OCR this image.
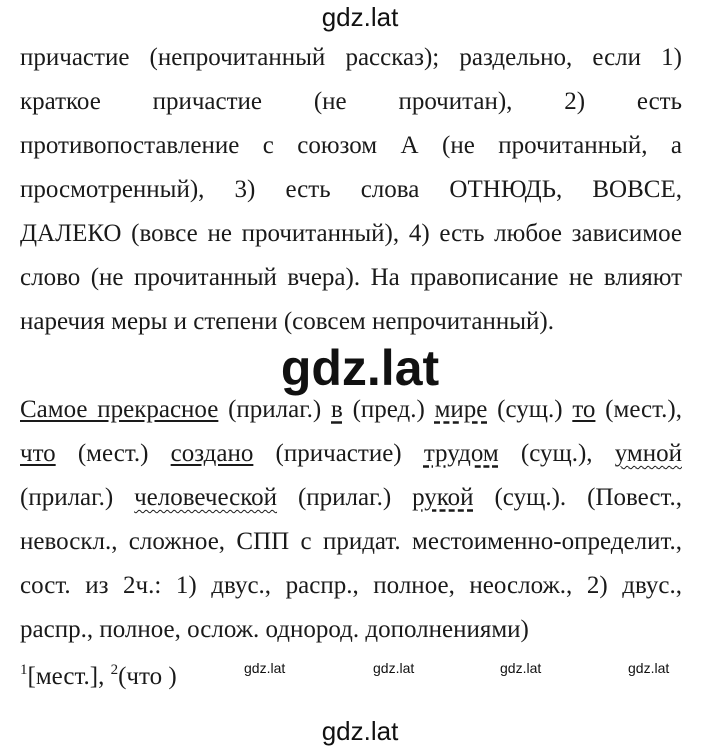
gdz.lat
причастие (непрочитанный рассказ); раздельно, если 1)
краткое причастие (не прочитан), 2) есть
противопоставление с союзом А (не прочитанный, а
просмотренный), 3) есть слова ОТНЮДЬ, ВОВСЕ,
ДАЛЕКО (вовсе не прочитанный), 4) есть любое зависимое
слово (не прочитанный вчера). На правописание не влияют
наречия меры и степени (совсем непрочитанный).
gdz.lat
Самое прекрасное (прилаг.) в (пред.) мире (сущ.) то (мест.),
что (мест.) создано (причастие) трудом (сущ.), умной
(прилаг.) человеческой (прилаг.) рукой (сущ.). (Повест.,
невоскл., сложное, СПП с придат. местоименно-определит.,
сост. из 2ч.: 1) двус., распр., полное, неослож., 2) двус.,
распр., полное, ослож. однород. дополнениями)
$^1$[мест.], $^2$(что )	gdz.lat	gdz.lat	gdz.lat	gdz.lat
gdz.lat
